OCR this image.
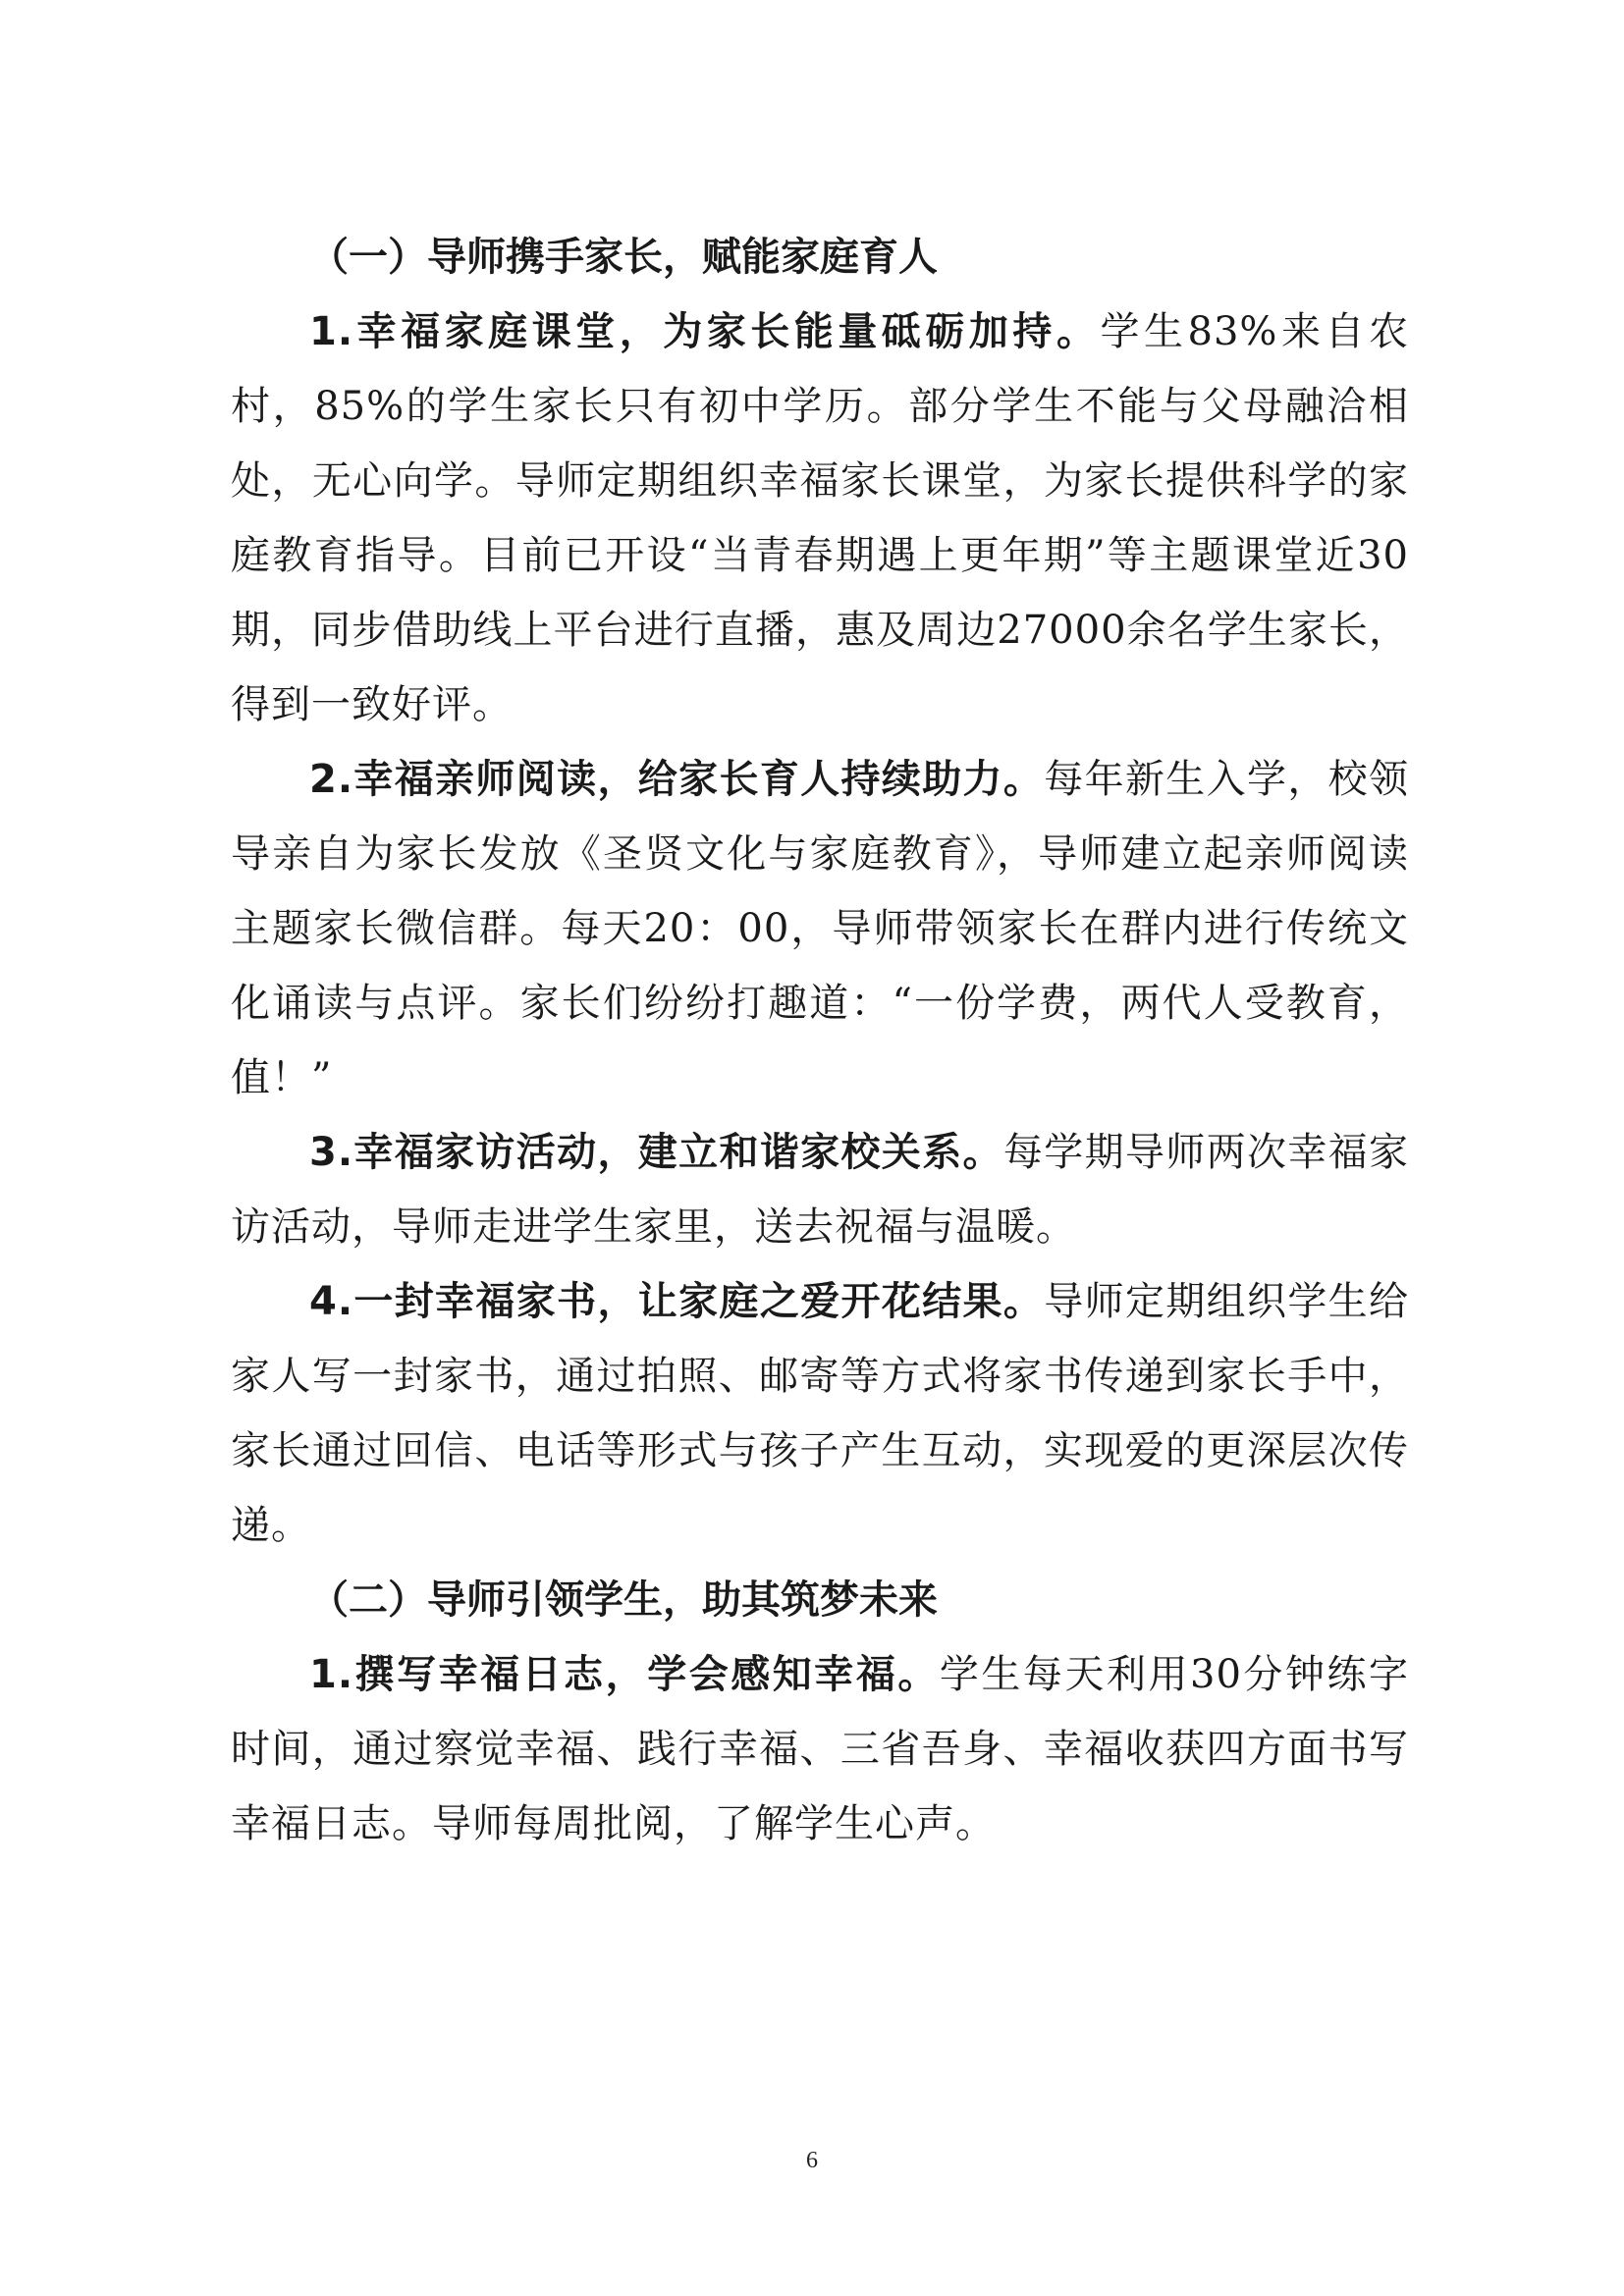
（一）导师携手家长，赋能家庭育人

1.幸福家庭课堂，为家长能量砥砺加持。学生83%来自农村，85%的学生家长只有初中学历。部分学生不能与父母融洽相处，无心向学。导师定期组织幸福家长课堂，为家长提供科学的家庭教育指导。目前已开设“当青春期遇上更年期”等主题课堂近30期，同步借助线上平台进行直播，惠及周边27000余名学生家长，得到一致好评。

2.幸福亲师阅读，给家长育人持续助力。每年新生入学，校领导亲自为家长发放《圣贤文化与家庭教育》，导师建立起亲师阅读主题家长微信群。每天20：00，导师带领家长在群内进行传统文化诵读与点评。家长们纷纷打趣道：“一份学费，两代人受教育，值！”

3.幸福家访活动，建立和谐家校关系。每学期导师两次幸福家访活动，导师走进学生家里，送去祝福与温暖。

4.一封幸福家书，让家庭之爱开花结果。导师定期组织学生给家人写一封家书，通过拍照、邮寄等方式将家书传递到家长手中，家长通过回信、电话等形式与孩子产生互动，实现爱的更深层次传递。

（二）导师引领学生，助其筑梦未来

1.撰写幸福日志，学会感知幸福。学生每天利用30分钟练字时间，通过察觉幸福、践行幸福、三省吾身、幸福收获四方面书写幸福日志。导师每周批阅，了解学生心声。

6
